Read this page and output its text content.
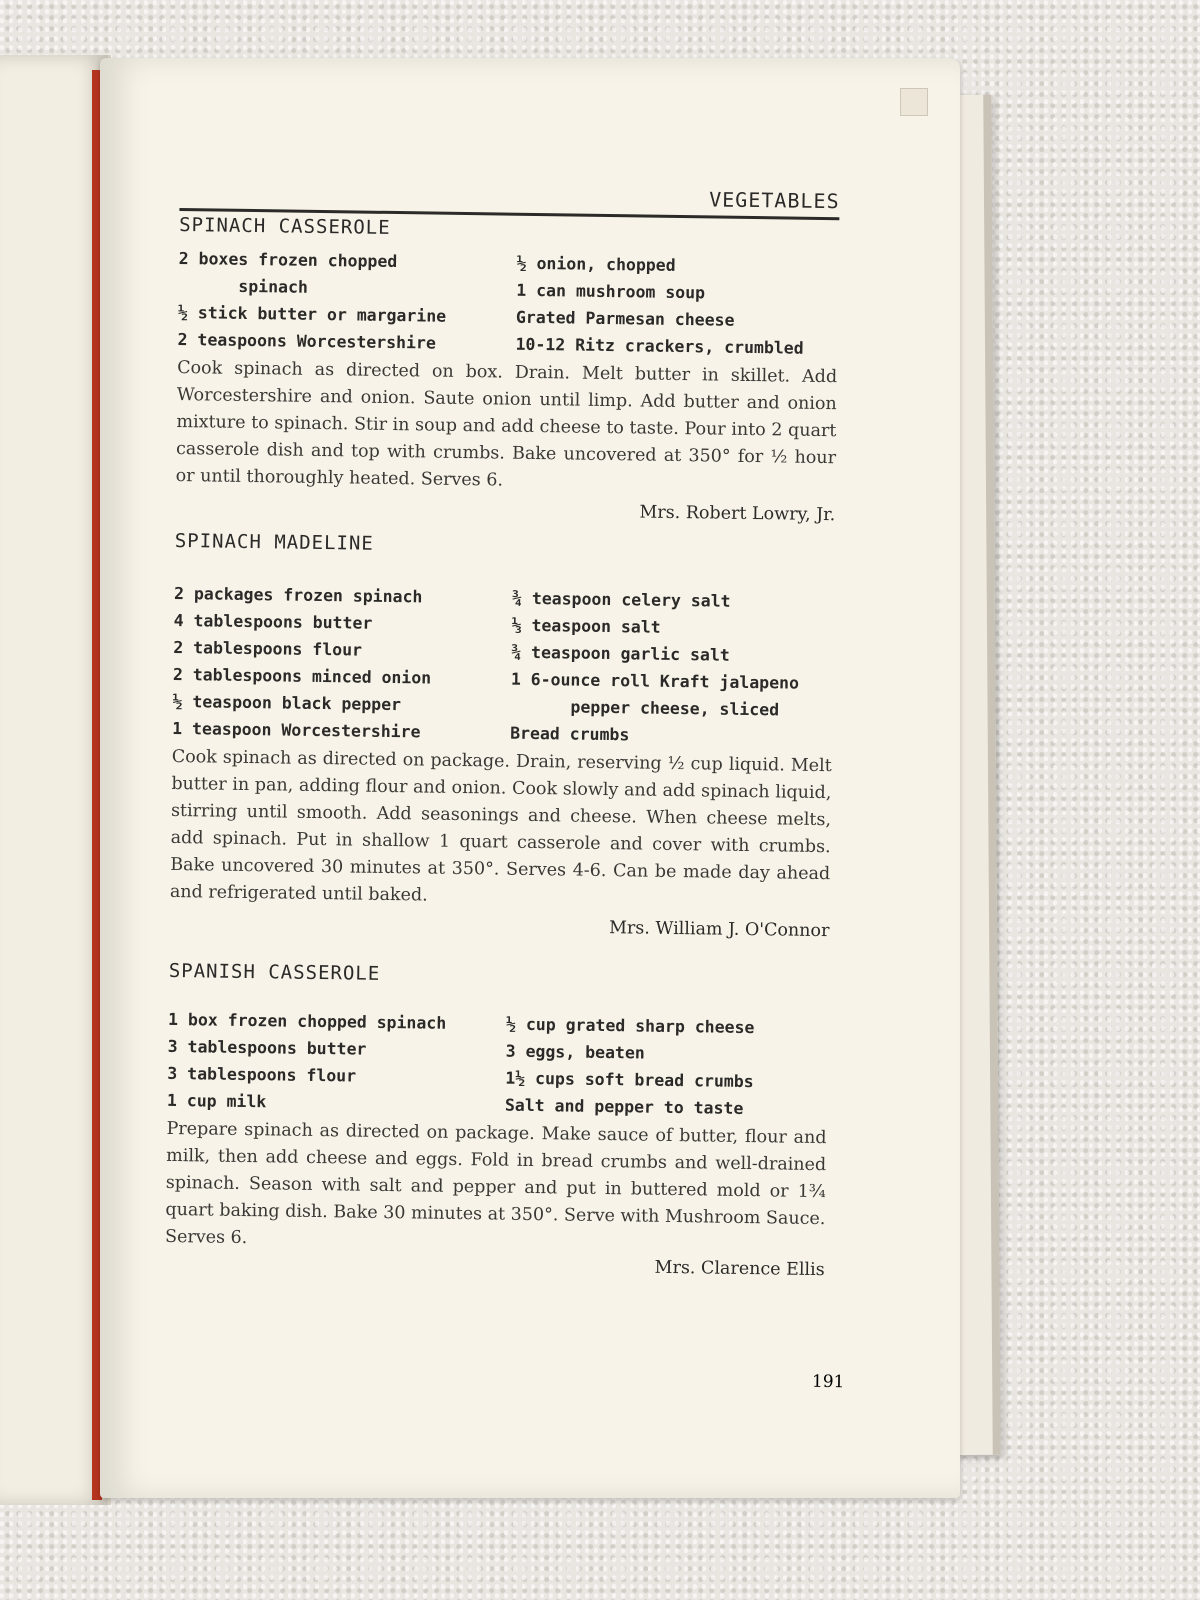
VEGETABLES
SPINACH CASSEROLE
2 boxes frozen chopped
spinach
½ stick butter or margarine
2 teaspoons Worcestershire
½ onion, chopped
1 can mushroom soup
Grated Parmesan cheese
10-12 Ritz crackers, crumbled

Cook spinach as directed on box. Drain. Melt butter in skillet. Add Worcestershire and onion. Saute onion until limp. Add butter and onion mixture to spinach. Stir in soup and add cheese to taste. Pour into 2 quart casserole dish and top with crumbs. Bake uncovered at 350° for ½ hour or until thoroughly heated. Serves 6.

Mrs. Robert Lowry, Jr.

SPINACH MADELINE
2 packages frozen spinach
4 tablespoons butter
2 tablespoons flour
2 tablespoons minced onion
½ teaspoon black pepper
1 teaspoon Worcestershire
¾ teaspoon celery salt
⅓ teaspoon salt
¾ teaspoon garlic salt
1 6-ounce roll Kraft jalapeno
pepper cheese, sliced
Bread crumbs

Cook spinach as directed on package. Drain, reserving ½ cup liquid. Melt butter in pan, adding flour and onion. Cook slowly and add spinach liquid, stirring until smooth. Add seasonings and cheese. When cheese melts, add spinach. Put in shallow 1 quart casserole and cover with crumbs. Bake uncovered 30 minutes at 350°. Serves 4-6. Can be made day ahead and refrigerated until baked.

Mrs. William J. O'Connor

SPANISH CASSEROLE
1 box frozen chopped spinach
3 tablespoons butter
3 tablespoons flour
1 cup milk
½ cup grated sharp cheese
3 eggs, beaten
1½ cups soft bread crumbs
Salt and pepper to taste

Prepare spinach as directed on package. Make sauce of butter, flour and milk, then add cheese and eggs. Fold in bread crumbs and well-drained spinach. Season with salt and pepper and put in buttered mold or 1¾ quart baking dish. Bake 30 minutes at 350°. Serve with Mushroom Sauce. Serves 6.

Mrs. Clarence Ellis

191
